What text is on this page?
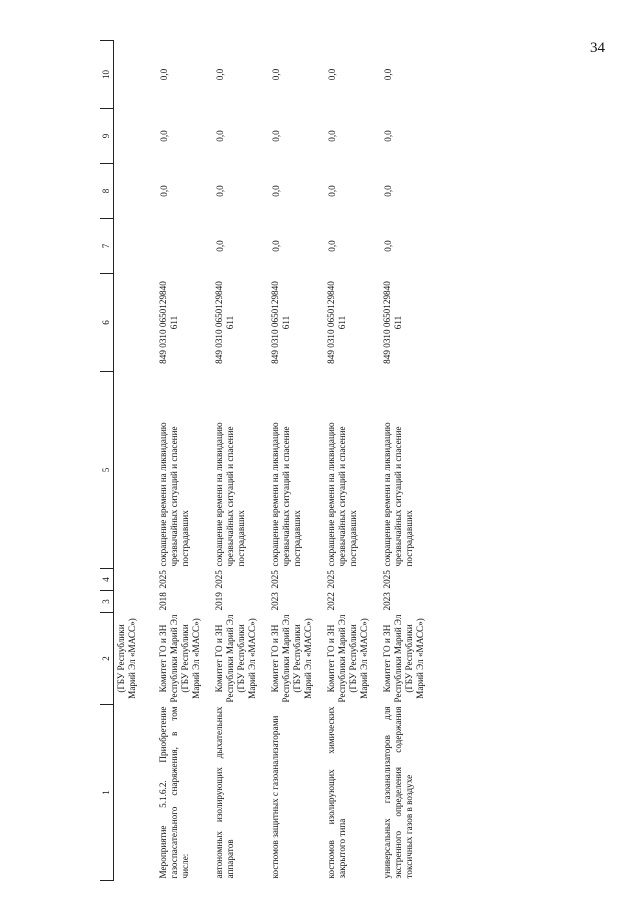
34
1	2	3	4	5	6	7	8	9	10
	(ГБУ Республики Марий Эл «МАСС»)								
Мероприятие 5.1.6.2. Приобретение газоспасательного снаряжения, в том числе:	Комитет ГО и ЗН Республики Марий Эл (ГБУ Республики Марий Эл «МАСС»)	2018	2025	сокращение времени на ликвидацию чрезвычайных ситуаций и спасение пострадавших	849 0310 0650129840 611		0,0	0,0	0,0
автономных изолирующих дыхательных аппаратов	Комитет ГО и ЗН Республики Марий Эл (ГБУ Республики Марий Эл «МАСС»)	2019	2025	сокращение времени на ликвидацию чрезвычайных ситуаций и спасение пострадавших	849 0310 0650129840 611	0,0	0,0	0,0	0,0
костюмов защитных с газоанализаторами	Комитет ГО и ЗН Республики Марий Эл (ГБУ Республики Марий Эл «МАСС»)	2023	2025	сокращение времени на ликвидацию чрезвычайных ситуаций и спасение пострадавших	849 0310 0650129840 611	0,0	0,0	0,0	0,0
костюмов изолирующих химических закрытого типа	Комитет ГО и ЗН Республики Марий Эл (ГБУ Республики Марий Эл «МАСС»)	2022	2025	сокращение времени на ликвидацию чрезвычайных ситуаций и спасение пострадавших	849 0310 0650129840 611	0,0	0,0	0,0	0,0
универсальных газоанализаторов для экстренного определения содержания токсичных газов в воздухе	Комитет ГО и ЗН Республики Марий Эл (ГБУ Республики Марий Эл «МАСС»)	2023	2025	сокращение времени на ликвидацию чрезвычайных ситуаций и спасение пострадавших	849 0310 0650129840 611	0,0	0,0	0,0	0,0
